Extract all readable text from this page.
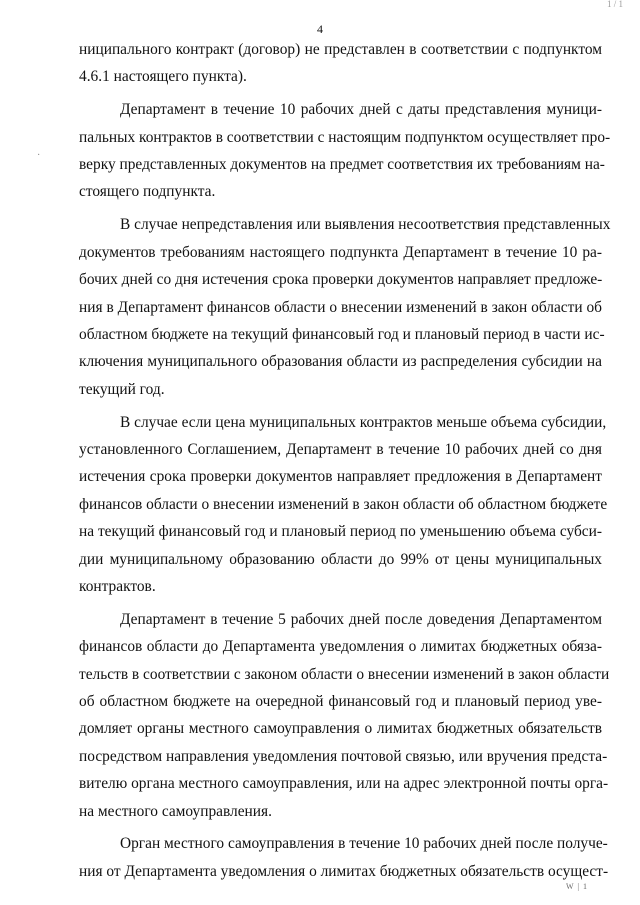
1 / 1
4
·
ниципального контракт (договор) не представлен в соответствии с подпунктом
4.6.1 настоящего пункта).
Департамент в течение 10 рабочих дней с даты представления муници-
пальных контрактов в соответствии с настоящим подпунктом осуществляет про-
верку представленных документов на предмет соответствия их требованиям на-
стоящего подпункта.
В случае непредставления или выявления несоответствия представленных
документов требованиям настоящего подпункта Департамент в течение 10 ра-
бочих дней со дня истечения срока проверки документов направляет предложе-
ния в Департамент финансов области о внесении изменений в закон области об
областном бюджете на текущий финансовый год и плановый период в части ис-
ключения муниципального образования области из распределения субсидии на
текущий год.
В случае если цена муниципальных контрактов меньше объема субсидии,
установленного Соглашением, Департамент в течение 10 рабочих дней со дня
истечения срока проверки документов направляет предложения в Департамент
финансов области о внесении изменений в закон области об областном бюджете
на текущий финансовый год и плановый период по уменьшению объема субси-
дии муниципальному образованию области до 99% от цены муниципальных
контрактов.
Департамент в течение 5 рабочих дней после доведения Департаментом
финансов области до Департамента уведомления о лимитах бюджетных обяза-
тельств в соответствии с законом области о внесении изменений в закон области
об областном бюджете на очередной финансовый год и плановый период уве-
домляет органы местного самоуправления о лимитах бюджетных обязательств
посредством направления уведомления почтовой связью, или вручения предста-
вителю органа местного самоуправления, или на адрес электронной почты орга-
на местного самоуправления.
Орган местного самоуправления в течение 10 рабочих дней после получе-
ния от Департамента уведомления о лимитах бюджетных обязательств осущест-
W | 1
